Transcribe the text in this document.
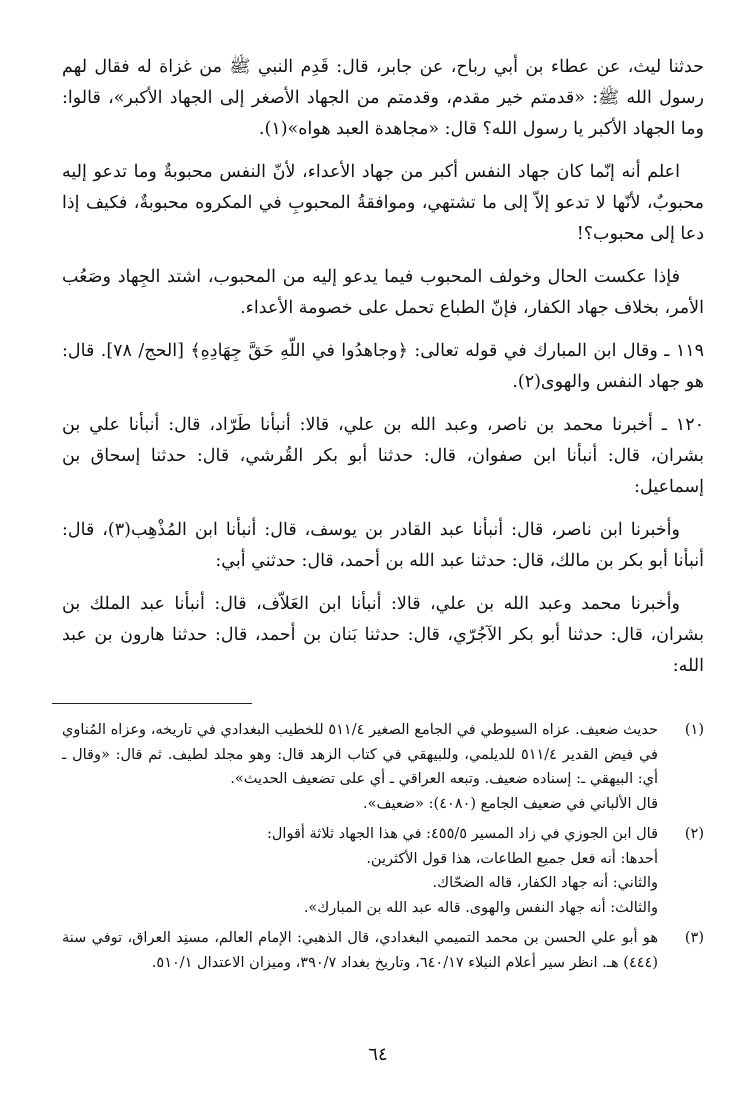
حدثنا ليث، عن عطاء بن أبي رباح، عن جابر، قال: قَدِم النبي ﷺ من غزاة له فقال لهم رسول الله ﷺ: «قدمتم خير مقدم، وقدمتم من الجهاد الأصغر إلى الجهاد الأكبر»، قالوا: وما الجهاد الأكبر يا رسول الله؟ قال: «مجاهدة العبد هواه»(١).

اعلم أنه إنّما كان جهاد النفس أكبر من جهاد الأعداء، لأنّ النفس محبوبةٌ وما تدعو إليه محبوبٌ، لأنّها لا تدعو إلاّ إلى ما تشتهي، وموافقةُ المحبوبِ في المكروه محبوبةٌ، فكيف إذا دعا إلى محبوب؟!

فإذا عكست الحال وخولف المحبوب فيما يدعو إليه من المحبوب، اشتد الجِهاد وصَعُب الأمر، بخلاف جهاد الكفار، فإنّ الطباع تحمل على خصومة الأعداء.

١١٩ ـ وقال ابن المبارك في قوله تعالى: ﴿وجاهدُوا في اللّهِ حَقَّ جِهَادِهِ﴾ [الحج/ ٧٨]. قال: هو جهاد النفس والهوى(٢).

١٢٠ ـ أخبرنا محمد بن ناصر، وعبد الله بن علي، قالا: أنبأنا طَرّاد، قال: أنبأنا علي بن بشران، قال: أنبأنا ابن صفوان، قال: حدثنا أبو بكر القُرشي، قال: حدثنا إسحاق بن إسماعيل:

وأخبرنا ابن ناصر، قال: أنبأنا عبد القادر بن يوسف، قال: أنبأنا ابن المُذْهِب(٣)، قال: أنبأنا أبو بكر بن مالك، قال: حدثنا عبد الله بن أحمد، قال: حدثني أبي:

وأخبرنا محمد وعبد الله بن علي، قالا: أنبأنا ابن العَلاّف، قال: أنبأنا عبد الملك بن بشران، قال: حدثنا أبو بكر الآجُرّي، قال: حدثنا بَنان بن أحمد، قال: حدثنا هارون بن عبد الله:

(١)
حديث ضعيف. عزاه السيوطي في الجامع الصغير ٥١١/٤ للخطيب البغدادي في تاريخه، وعزاه المُناوي في فيض القدير ٥١١/٤ للديلمي، وللبيهقي في كتاب الزهد قال: وهو مجلد لطيف. ثم قال: «وقال ـ أي: البيهقي ـ: إسناده ضعيف. وتبعه العراقي ـ أي على تضعيف الحديث».
قال الألباني في ضعيف الجامع (٤٠٨٠): «ضعيف».
(٢)
قال ابن الجوزي في زاد المسير ٤٥٥/٥: في هذا الجهاد ثلاثة أقوال:
أحدها: أنه فعل جميع الطاعات، هذا قول الأكثرين.
والثاني: أنه جهاد الكفار، قاله الضحّاك.
والثالث: أنه جهاد النفس والهوى. قاله عبد الله بن المبارك».
(٣)
هو أبو علي الحسن بن محمد التميمي البغدادي، قال الذهبي: الإمام العالم، مسنِد العراق، توفي سنة (٤٤٤) هـ. انظر سير أعلام النبلاء ٦٤٠/١٧، وتاريخ بغداد ٣٩٠/٧، وميزان الاعتدال ٥١٠/١.
٦٤
